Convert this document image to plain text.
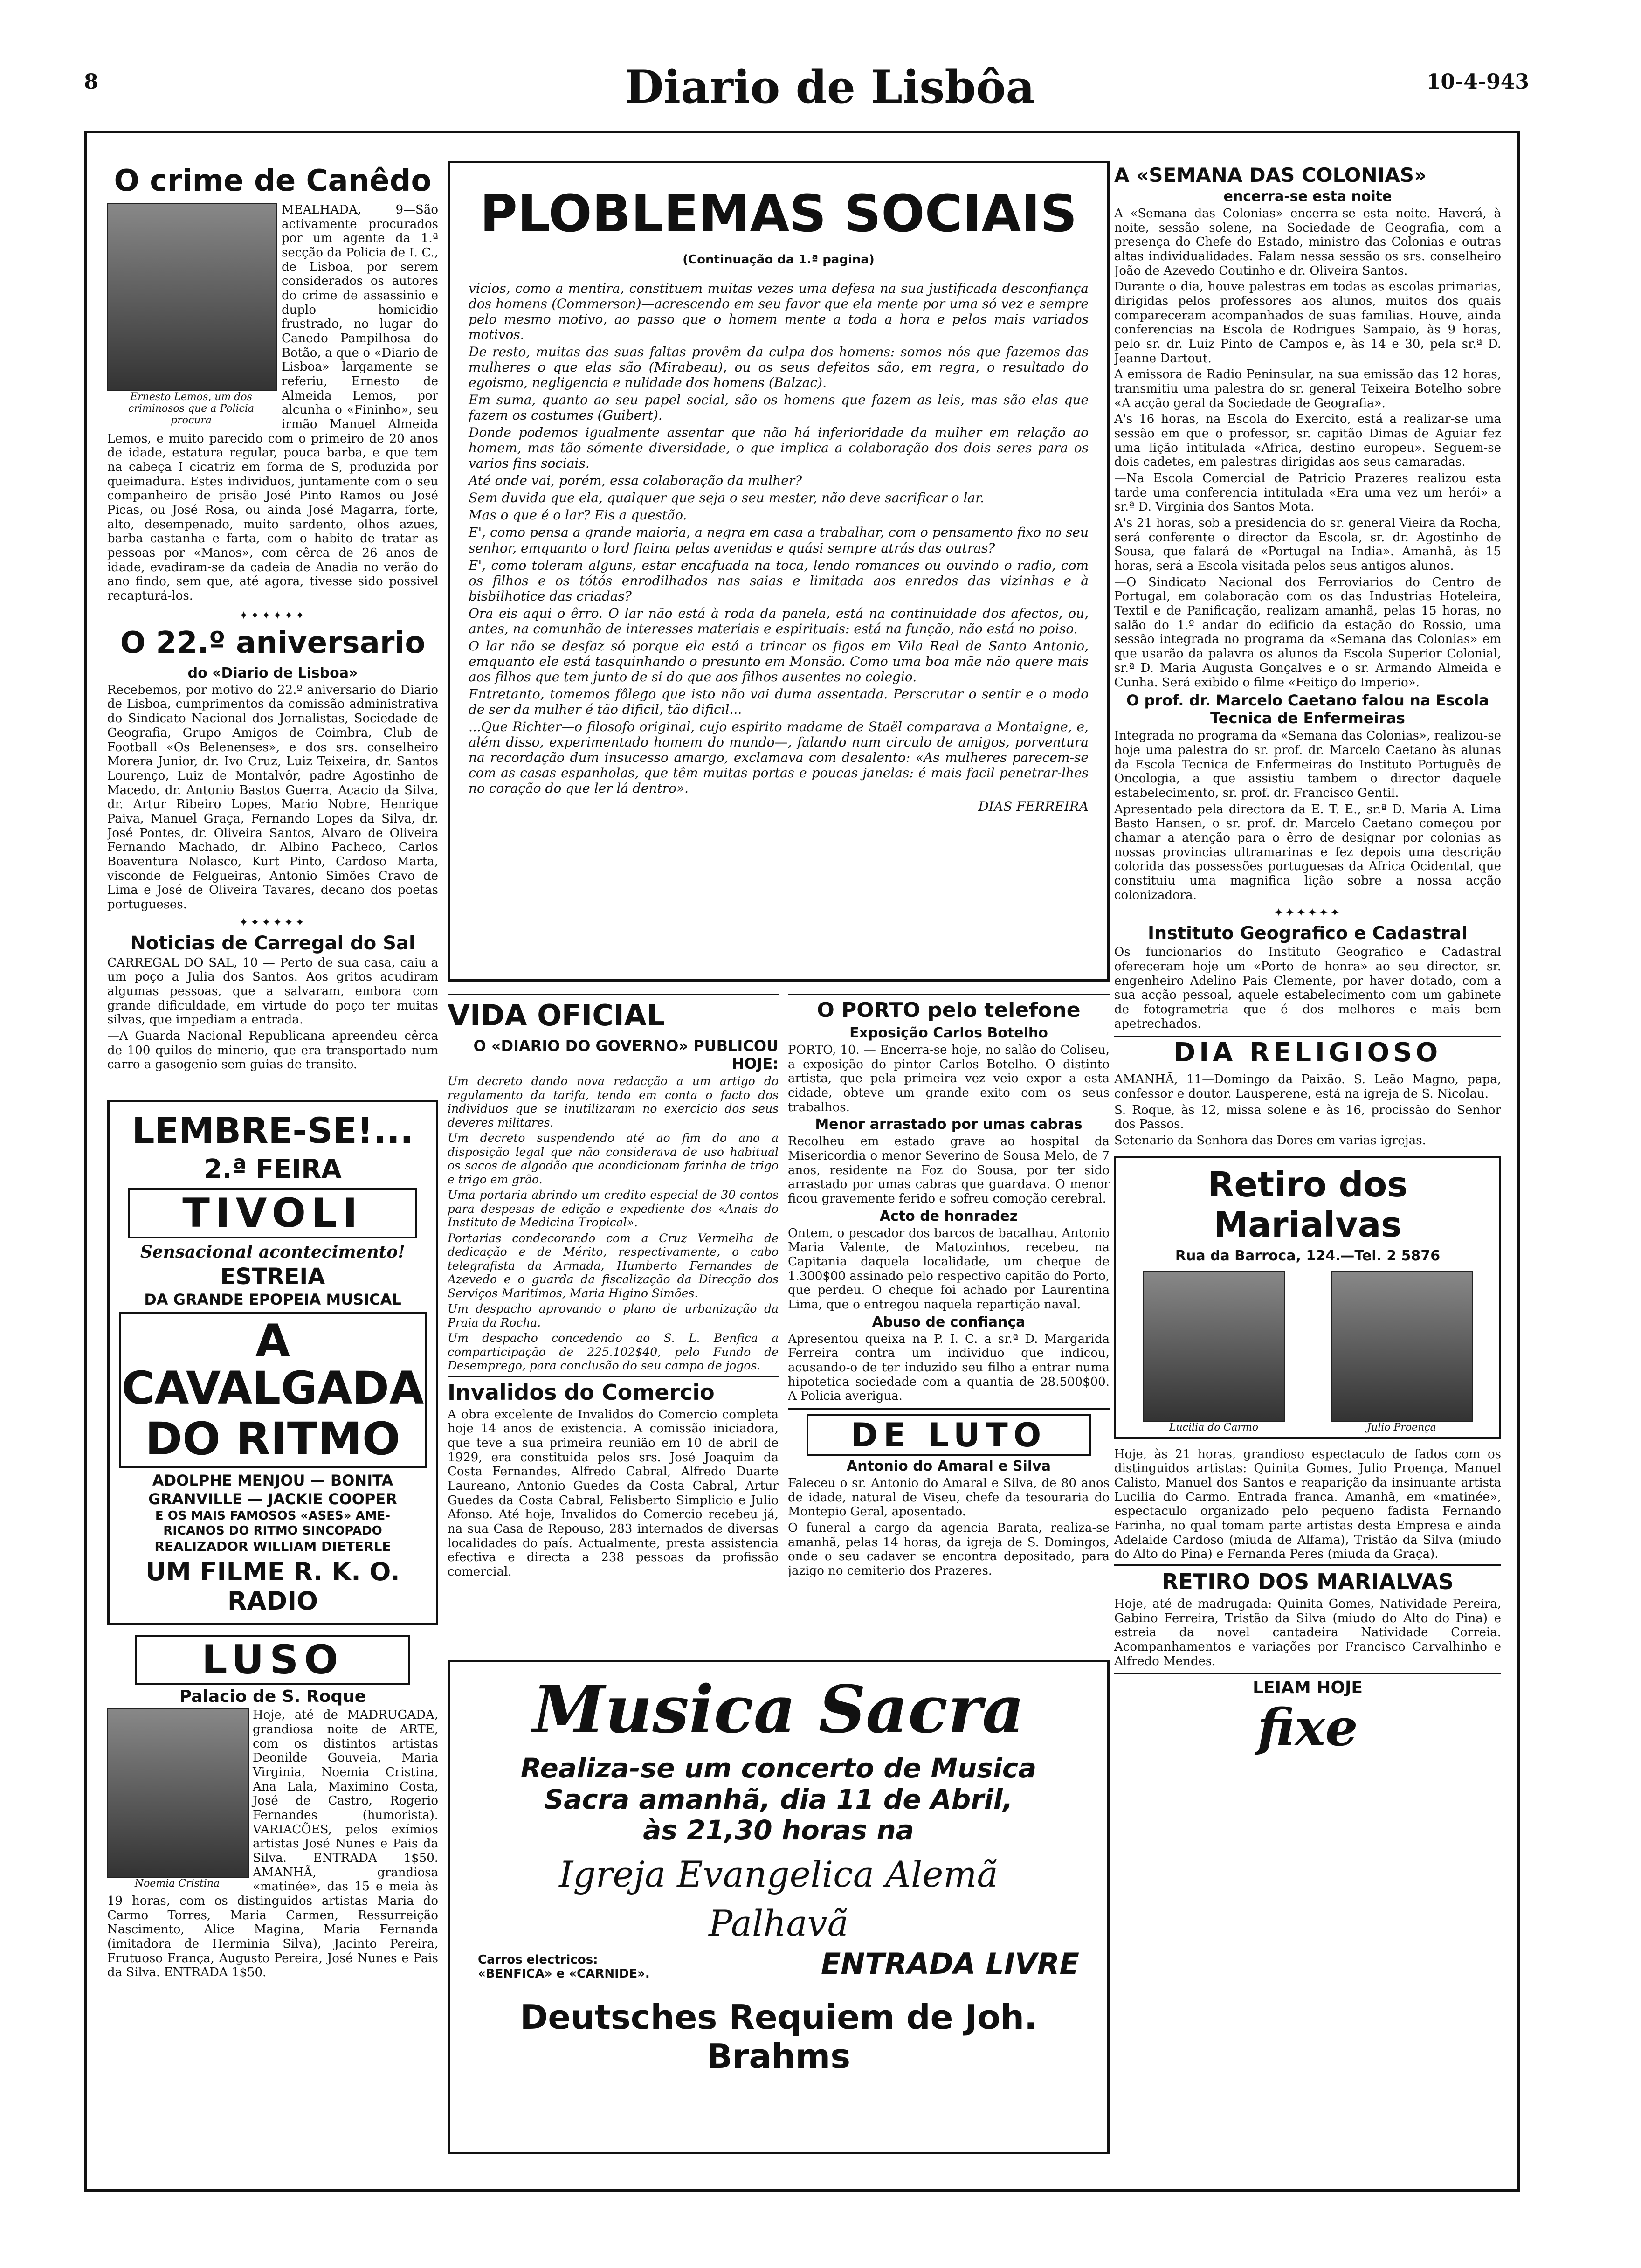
8	Diario de Lisbôa	10-4-943
O crime de Canêdo
Ernesto Lemos, um dos criminosos que a Policia procura

MEALHADA, 9—São activamente procurados por um agente da 1.ª secção da Policia de I. C., de Lisboa, por serem considerados os autores do crime de assassinio e duplo homicidio frustrado, no lugar do Canedo Pampilhosa do Botão, a que o «Diario de Lisboa» largamente se referiu, Ernesto de Almeida Lemos, por alcunha o «Fininho», seu irmão Manuel Almeida Lemos, e muito parecido com o primeiro de 20 anos de idade, estatura regular, pouca barba, e que tem na cabeça I cicatriz em forma de S, produzida por queimadura. Estes individuos, juntamente com o seu companheiro de prisão José Pinto Ramos ou José Picas, ou José Rosa, ou ainda José Magarra, forte, alto, desempenado, muito sardento, olhos azues, barba castanha e farta, com o habito de tratar as pessoas por «Manos», com cêrca de 26 anos de idade, evadiram-se da cadeia de Anadia no verão do ano findo, sem que, até agora, tivesse sido possivel recapturá-los.

✦✦✦✦✦✦
O 22.º aniversario
do «Diario de Lisboa»

Recebemos, por motivo do 22.º aniversario do Diario de Lisboa, cumprimentos da comissão administrativa do Sindicato Nacional dos Jornalistas, Sociedade de Geografia, Grupo Amigos de Coimbra, Club de Football «Os Belenenses», e dos srs. conselheiro Morera Junior, dr. Ivo Cruz, Luiz Teixeira, dr. Santos Lourenço, Luiz de Montalvôr, padre Agostinho de Macedo, dr. Antonio Bastos Guerra, Acacio da Silva, dr. Artur Ribeiro Lopes, Mario Nobre, Henrique Paiva, Manuel Graça, Fernando Lopes da Silva, dr. José Pontes, dr. Oliveira Santos, Alvaro de Oliveira Fernando Machado, dr. Albino Pacheco, Carlos Boaventura Nolasco, Kurt Pinto, Cardoso Marta, visconde de Felgueiras, Antonio Simões Cravo de Lima e José de Oliveira Tavares, decano dos poetas portugueses.

✦✦✦✦✦✦
Noticias de Carregal do Sal

CARREGAL DO SAL, 10 — Perto de sua casa, caiu a um poço a Julia dos Santos. Aos gritos acudiram algumas pessoas, que a salvaram, embora com grande dificuldade, em virtude do poço ter muitas silvas, que impediam a entrada.

—A Guarda Nacional Republicana apreendeu cêrca de 100 quilos de minerio, que era transportado num carro a gasogenio sem guias de transito.

LEMBRE-SE!...
2.ª FEIRA
TIVOLI
Sensacional acontecimento!
ESTREIA
DA GRANDE EPOPEIA MUSICAL
A CAVALGADA
DO RITMO
ADOLPHE MENJOU — BONITA
GRANVILLE — JACKIE COOPER
E OS MAIS FAMOSOS «ASES» AME-
RICANOS DO RITMO SINCOPADO
REALIZADOR WILLIAM DIETERLE
UM FILME R. K. O. RADIO
LUSO
Palacio de S. Roque
Noemia Cristina

Hoje, até de MADRUGADA, grandiosa noite de ARTE, com os distintos artistas Deonilde Gouveia, Maria Virginia, Noemia Cristina, Ana Lala, Maximino Costa, José de Castro, Rogerio Fernandes (humorista). VARIACÕES, pelos exímios artistas José Nunes e Pais da Silva. ENTRADA 1$50. AMANHÃ, grandiosa «matinée», das 15 e meia às 19 horas, com os distinguidos artistas Maria do Carmo Torres, Maria Carmen, Ressurreição Nascimento, Alice Magina, Maria Fernanda (imitadora de Herminia Silva), Jacinto Pereira, Frutuoso França, Augusto Pereira, José Nunes e Pais da Silva. ENTRADA 1$50.

PLOBLEMAS SOCIAIS
(Continuação da 1.ª pagina)

vicios, como a mentira, constituem muitas vezes uma defesa na sua justificada desconfiança dos homens (Commerson)—acrescendo em seu favor que ela mente por uma só vez e sempre pelo mesmo motivo, ao passo que o homem mente a toda a hora e pelos mais variados motivos.

De resto, muitas das suas faltas provêm da culpa dos homens: somos nós que fazemos das mulheres o que elas são (Mirabeau), ou os seus defeitos são, em regra, o resultado do egoismo, negligencia e nulidade dos homens (Balzac).

Em suma, quanto ao seu papel social, são os homens que fazem as leis, mas são elas que fazem os costumes (Guibert).

Donde podemos igualmente assentar que não há inferioridade da mulher em relação ao homem, mas tão sómente diversidade, o que implica a colaboração dos dois seres para os varios fins sociais.

Até onde vai, porém, essa colaboração da mulher?

Sem duvida que ela, qualquer que seja o seu mester, não deve sacrificar o lar.

Mas o que é o lar? Eis a questão.

E', como pensa a grande maioria, a negra em casa a trabalhar, com o pensamento fixo no seu senhor, emquanto o lord flaina pelas avenidas e quási sempre atrás das outras?

E', como toleram alguns, estar encafuada na toca, lendo romances ou ouvindo o radio, com os filhos e os tótós enrodilhados nas saias e limitada aos enredos das vizinhas e à bisbilhotice das criadas?

Ora eis aqui o êrro. O lar não está à roda da panela, está na continuidade dos afectos, ou, antes, na comunhão de interesses materiais e espirituais: está na função, não está no poiso.

O lar não se desfaz só porque ela está a trincar os figos em Vila Real de Santo Antonio, emquanto ele está tasquinhando o presunto em Monsão. Como uma boa mãe não quere mais aos filhos que tem junto de si do que aos filhos ausentes no colegio.

Entretanto, tomemos fôlego que isto não vai duma assentada. Perscrutar o sentir e o modo de ser da mulher é tão dificil, tão dificil...

...Que Richter—o filosofo original, cujo espirito madame de Staël comparava a Montaigne, e, além disso, experimentado homem do mundo—, falando num circulo de amigos, porventura na recordação dum insucesso amargo, exclamava com desalento: «As mulheres parecem-se com as casas espanholas, que têm muitas portas e poucas janelas: é mais facil penetrar-lhes no coração do que ler lá dentro».

DIAS FERREIRA
VIDA OFICIAL
O «DIARIO DO GOVERNO» PUBLICOU HOJE:

Um decreto dando nova redacção a um artigo do regulamento da tarifa, tendo em conta o facto dos individuos que se inutilizaram no exercicio dos seus deveres militares.

Um decreto suspendendo até ao fim do ano a disposição legal que não considerava de uso habitual os sacos de algodão que acondicionam farinha de trigo e trigo em grão.

Uma portaria abrindo um credito especial de 30 contos para despesas de edição e expediente dos «Anais do Instituto de Medicina Tropical».

Portarias condecorando com a Cruz Vermelha de dedicação e de Mérito, respectivamente, o cabo telegrafista da Armada, Humberto Fernandes de Azevedo e o guarda da fiscalização da Direcção dos Serviços Maritimos, Maria Higino Simões.

Um despacho aprovando o plano de urbanização da Praia da Rocha.

Um despacho concedendo ao S. L. Benfica a comparticipação de 225.102$40, pelo Fundo de Desemprego, para conclusão do seu campo de jogos.

Invalidos do Comercio

A obra excelente de Invalidos do Comercio completa hoje 14 anos de existencia. A comissão iniciadora, que teve a sua primeira reunião em 10 de abril de 1929, era constituida pelos srs. José Joaquim da Costa Fernandes, Alfredo Cabral, Alfredo Duarte Laureano, Antonio Guedes da Costa Cabral, Artur Guedes da Costa Cabral, Felisberto Simplicio e Julio Afonso. Até hoje, Invalidos do Comercio recebeu já, na sua Casa de Repouso, 283 internados de diversas localidades do país. Actualmente, presta assistencia efectiva e directa a 238 pessoas da profissão comercial.

O PORTO pelo telefone
Exposição Carlos Botelho

PORTO, 10. — Encerra-se hoje, no salão do Coliseu, a exposição do pintor Carlos Botelho. O distinto artista, que pela primeira vez veio expor a esta cidade, obteve um grande exito com os seus trabalhos.

Menor arrastado por umas cabras

Recolheu em estado grave ao hospital da Misericordia o menor Severino de Sousa Melo, de 7 anos, residente na Foz do Sousa, por ter sido arrastado por umas cabras que guardava. O menor ficou gravemente ferido e sofreu comoção cerebral.

Acto de honradez

Ontem, o pescador dos barcos de bacalhau, Antonio Maria Valente, de Matozinhos, recebeu, na Capitania daquela localidade, um cheque de 1.300$00 assinado pelo respectivo capitão do Porto, que perdeu. O cheque foi achado por Laurentina Lima, que o entregou naquela repartição naval.

Abuso de confiança

Apresentou queixa na P. I. C. a sr.ª D. Margarida Ferreira contra um individuo que indicou, acusando-o de ter induzido seu filho a entrar numa hipotetica sociedade com a quantia de 28.500$00. A Policia averigua.

DE LUTO
Antonio do Amaral e Silva

Faleceu o sr. Antonio do Amaral e Silva, de 80 anos de idade, natural de Viseu, chefe da tesouraria do Montepio Geral, aposentado.

O funeral a cargo da agencia Barata, realiza-se amanhã, pelas 14 horas, da igreja de S. Domingos, onde o seu cadaver se encontra depositado, para jazigo no cemiterio dos Prazeres.

Musica Sacra
Realiza-se um concerto de Musica
Sacra amanhã, dia 11 de Abril,
às 21,30 horas na
Igreja Evangelica Alemã
Palhavã
Carros electricos:
«BENFICA» e «CARNIDE».	ENTRADA LIVRE
Deutsches Requiem de Joh. Brahms
A «SEMANA DAS COLONIAS»
encerra-se esta noite

A «Semana das Colonias» encerra-se esta noite. Haverá, à noite, sessão solene, na Sociedade de Geografia, com a presença do Chefe do Estado, ministro das Colonias e outras altas individualidades. Falam nessa sessão os srs. conselheiro João de Azevedo Coutinho e dr. Oliveira Santos.

Durante o dia, houve palestras em todas as escolas primarias, dirigidas pelos professores aos alunos, muitos dos quais compareceram acompanhados de suas familias. Houve, ainda conferencias na Escola de Rodrigues Sampaio, às 9 horas, pelo sr. dr. Luiz Pinto de Campos e, às 14 e 30, pela sr.ª D. Jeanne Dartout.

A emissora de Radio Peninsular, na sua emissão das 12 horas, transmitiu uma palestra do sr. general Teixeira Botelho sobre «A acção geral da Sociedade de Geografia».

A's 16 horas, na Escola do Exercito, está a realizar-se uma sessão em que o professor, sr. capitão Dimas de Aguiar fez uma lição intitulada «Africa, destino europeu». Seguem-se dois cadetes, em palestras dirigidas aos seus camaradas.

—Na Escola Comercial de Patricio Prazeres realizou esta tarde uma conferencia intitulada «Era uma vez um herói» a sr.ª D. Virginia dos Santos Mota.

A's 21 horas, sob a presidencia do sr. general Vieira da Rocha, será conferente o director da Escola, sr. dr. Agostinho de Sousa, que falará de «Portugal na India». Amanhã, às 15 horas, será a Escola visitada pelos seus antigos alunos.

—O Sindicato Nacional dos Ferroviarios do Centro de Portugal, em colaboração com os das Industrias Hoteleira, Textil e de Panificação, realizam amanhã, pelas 15 horas, no salão do 1.º andar do edificio da estação do Rossio, uma sessão integrada no programa da «Semana das Colonias» em que usarão da palavra os alunos da Escola Superior Colonial, sr.ª D. Maria Augusta Gonçalves e o sr. Armando Almeida e Cunha. Será exibido o filme «Feitiço do Imperio».

O prof. dr. Marcelo Caetano falou na Escola Tecnica de Enfermeiras

Integrada no programa da «Semana das Colonias», realizou-se hoje uma palestra do sr. prof. dr. Marcelo Caetano às alunas da Escola Tecnica de Enfermeiras do Instituto Português de Oncologia, a que assistiu tambem o director daquele estabelecimento, sr. prof. dr. Francisco Gentil.

Apresentado pela directora da E. T. E., sr.ª D. Maria A. Lima Basto Hansen, o sr. prof. dr. Marcelo Caetano começou por chamar a atenção para o êrro de designar por colonias as nossas provincias ultramarinas e fez depois uma descrição colorida das possessões portuguesas da Africa Ocidental, que constituiu uma magnifica lição sobre a nossa acção colonizadora.

✦✦✦✦✦✦
Instituto Geografico e Cadastral

Os funcionarios do Instituto Geografico e Cadastral ofereceram hoje um «Porto de honra» ao seu director, sr. engenheiro Adelino Pais Clemente, por haver dotado, com a sua acção pessoal, aquele estabelecimento com um gabinete de fotogrametria que é dos melhores e mais bem apetrechados.

DIA RELIGIOSO

AMANHÃ, 11—Domingo da Paixão. S. Leão Magno, papa, confessor e doutor. Lausperene, está na igreja de S. Nicolau.

S. Roque, às 12, missa solene e às 16, procissão do Senhor dos Passos.

Setenario da Senhora das Dores em varias igrejas.

Retiro dos Marialvas
Rua da Barroca, 124.—Tel. 2 5876
Lucilia do Carmo	Julio Proença

Hoje, às 21 horas, grandioso espectaculo de fados com os distinguidos artistas: Quinita Gomes, Julio Proença, Manuel Calisto, Manuel dos Santos e reaparição da insinuante artista Lucilia do Carmo. Entrada franca. Amanhã, em «matinée», espectaculo organizado pelo pequeno fadista Fernando Farinha, no qual tomam parte artistas desta Empresa e ainda Adelaide Cardoso (miuda de Alfama), Tristão da Silva (miudo do Alto do Pina) e Fernanda Peres (miuda da Graça).

RETIRO DOS MARIALVAS

Hoje, até de madrugada: Quinita Gomes, Natividade Pereira, Gabino Ferreira, Tristão da Silva (miudo do Alto do Pina) e estreia da novel cantadeira Natividade Correia. Acompanhamentos e variações por Francisco Carvalhinho e Alfredo Mendes.

LEIAM HOJE
fixe
